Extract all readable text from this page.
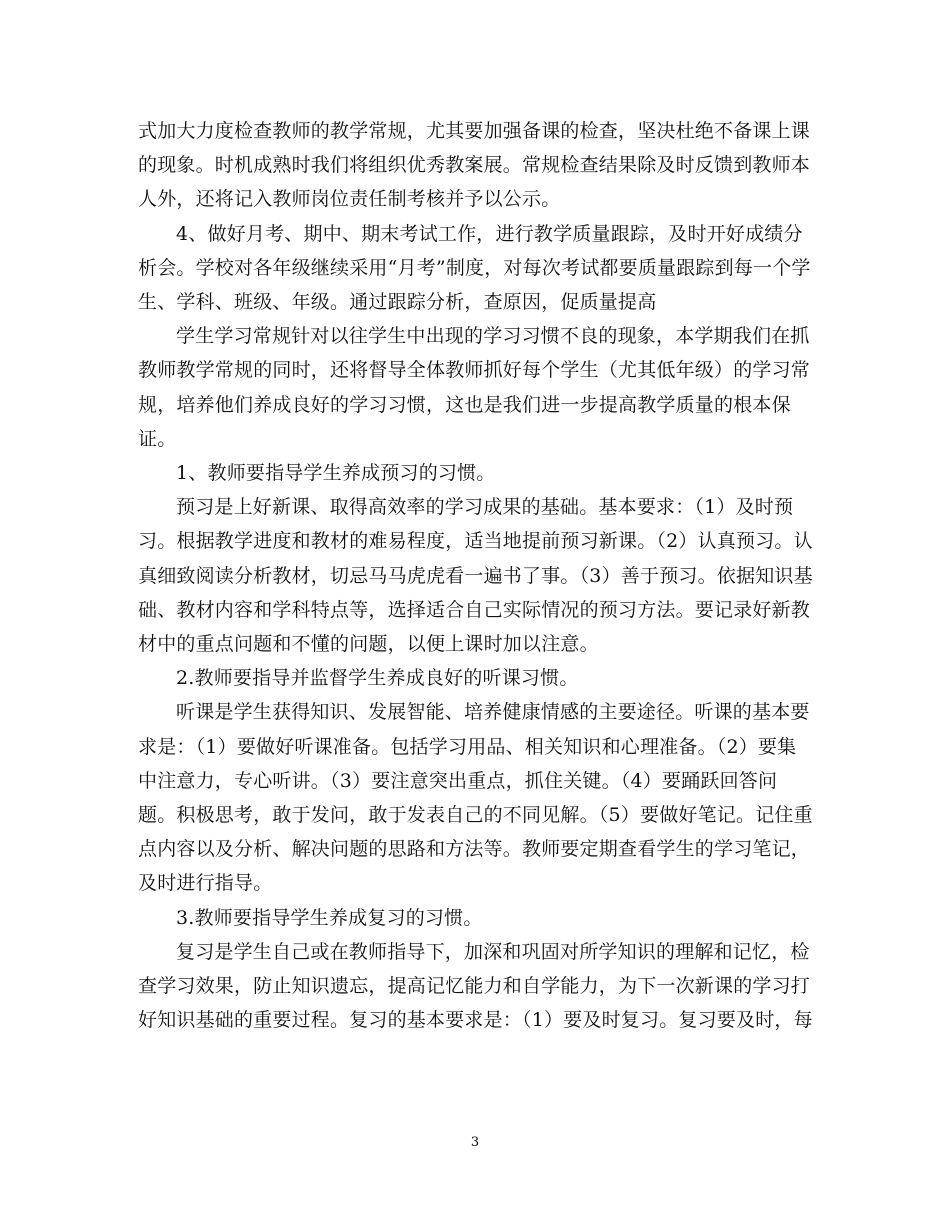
式加大力度检查教师的教学常规，尤其要加强备课的检查，坚决杜绝不备课上课的现象。时机成熟时我们将组织优秀教案展。常规检查结果除及时反馈到教师本人外，还将记入教师岗位责任制考核并予以公示。

4、做好月考、期中、期末考试工作，进行教学质量跟踪，及时开好成绩分析会。学校对各年级继续采用“月考”制度，对每次考试都要质量跟踪到每一个学生、学科、班级、年级。通过跟踪分析，查原因，促质量提高

学生学习常规针对以往学生中出现的学习习惯不良的现象，本学期我们在抓教师教学常规的同时，还将督导全体教师抓好每个学生（尤其低年级）的学习常规，培养他们养成良好的学习习惯，这也是我们进一步提高教学质量的根本保证。

1、教师要指导学生养成预习的习惯。

预习是上好新课、取得高效率的学习成果的基础。基本要求：（1）及时预习。根据教学进度和教材的难易程度，适当地提前预习新课。（2）认真预习。认真细致阅读分析教材，切忌马马虎虎看一遍书了事。（3）善于预习。依据知识基础、教材内容和学科特点等，选择适合自己实际情况的预习方法。要记录好新教材中的重点问题和不懂的问题，以便上课时加以注意。

2.教师要指导并监督学生养成良好的听课习惯。

听课是学生获得知识、发展智能、培养健康情感的主要途径。听课的基本要求是：（1）要做好听课准备。包括学习用品、相关知识和心理准备。（2）要集中注意力，专心听讲。（3）要注意突出重点，抓住关键。（4）要踊跃回答问题。积极思考，敢于发问，敢于发表自己的不同见解。（5）要做好笔记。记住重点内容以及分析、解决问题的思路和方法等。教师要定期查看学生的学习笔记，及时进行指导。

3.教师要指导学生养成复习的习惯。

复习是学生自己或在教师指导下，加深和巩固对所学知识的理解和记忆，检查学习效果，防止知识遗忘，提高记忆能力和自学能力，为下一次新课的学习打好知识基础的重要过程。复习的基本要求是：（1）要及时复习。复习要及时，每

3
